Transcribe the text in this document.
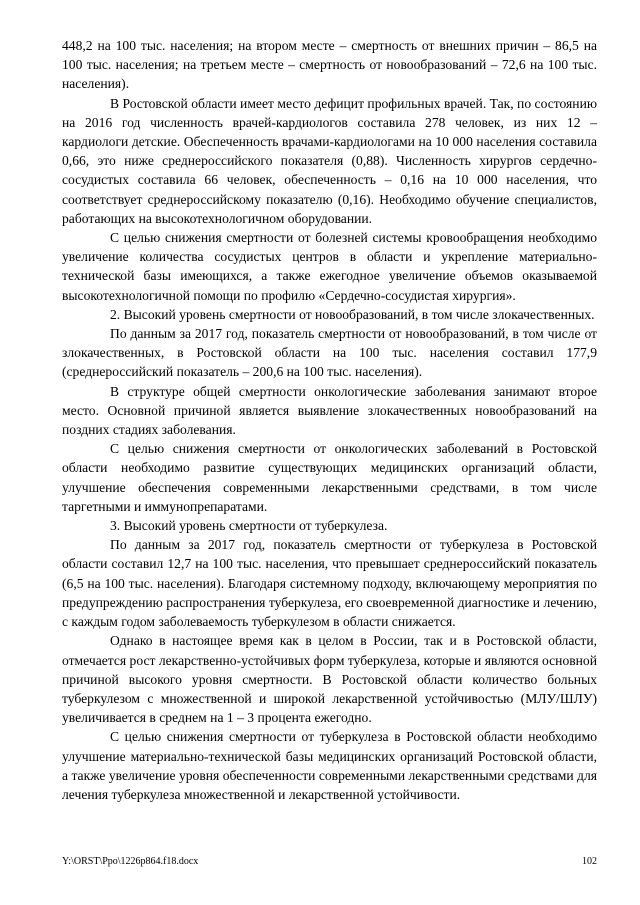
448,2 на 100 тыс. населения; на втором месте – смертность от внешних причин – 86,5 на 100 тыс. населения; на третьем месте – смертность от новообразований – 72,6 на 100 тыс. населения).

В Ростовской области имеет место дефицит профильных врачей. Так, по состоянию на 2016 год численность врачей-кардиологов составила 278 человек, из них 12 – кардиологи детские. Обеспеченность врачами-кардиологами на 10 000 населения составила 0,66, это ниже среднероссийского показателя (0,88). Численность хирургов сердечно-сосудистых составила 66 человек, обеспеченность – 0,16 на 10 000 населения, что соответствует среднероссийскому показателю (0,16). Необходимо обучение специалистов, работающих на высокотехнологичном оборудовании.

С целью снижения смертности от болезней системы кровообращения необходимо увеличение количества сосудистых центров в области и укрепление материально-технической базы имеющихся, а также ежегодное увеличение объемов оказываемой высокотехнологичной помощи по профилю «Сердечно-сосудистая хирургия».

2. Высокий уровень смертности от новообразований, в том числе злокачественных.

По данным за 2017 год, показатель смертности от новообразований, в том числе от злокачественных, в Ростовской области на 100 тыс. населения составил 177,9 (среднероссийский показатель – 200,6 на 100 тыс. населения).

В структуре общей смертности онкологические заболевания занимают второе место. Основной причиной является выявление злокачественных новообразований на поздних стадиях заболевания.

С целью снижения смертности от онкологических заболеваний в Ростовской области необходимо развитие существующих медицинских организаций области, улучшение обеспечения современными лекарственными средствами, в том числе таргетными и иммунопрепаратами.

3. Высокий уровень смертности от туберкулеза.

По данным за 2017 год, показатель смертности от туберкулеза в Ростовской области составил 12,7 на 100 тыс. населения, что превышает среднероссийский показатель (6,5 на 100 тыс. населения). Благодаря системному подходу, включающему мероприятия по предупреждению распространения туберкулеза, его своевременной диагностике и лечению, с каждым годом заболеваемость туберкулезом в области снижается.

Однако в настоящее время как в целом в России, так и в Ростовской области, отмечается рост лекарственно-устойчивых форм туберкулеза, которые и являются основной причиной высокого уровня смертности. В Ростовской области количество больных туберкулезом с множественной и широкой лекарственной устойчивостью (МЛУ/ШЛУ) увеличивается в среднем на 1 – 3 процента ежегодно.

С целью снижения смертности от туберкулеза в Ростовской области необходимо улучшение материально-технической базы медицинских организаций Ростовской области, а также увеличение уровня обеспеченности современными лекарственными средствами для лечения туберкулеза множественной и лекарственной устойчивости.

Y:\ORST\Ppo\1226p864.f18.docx	102
